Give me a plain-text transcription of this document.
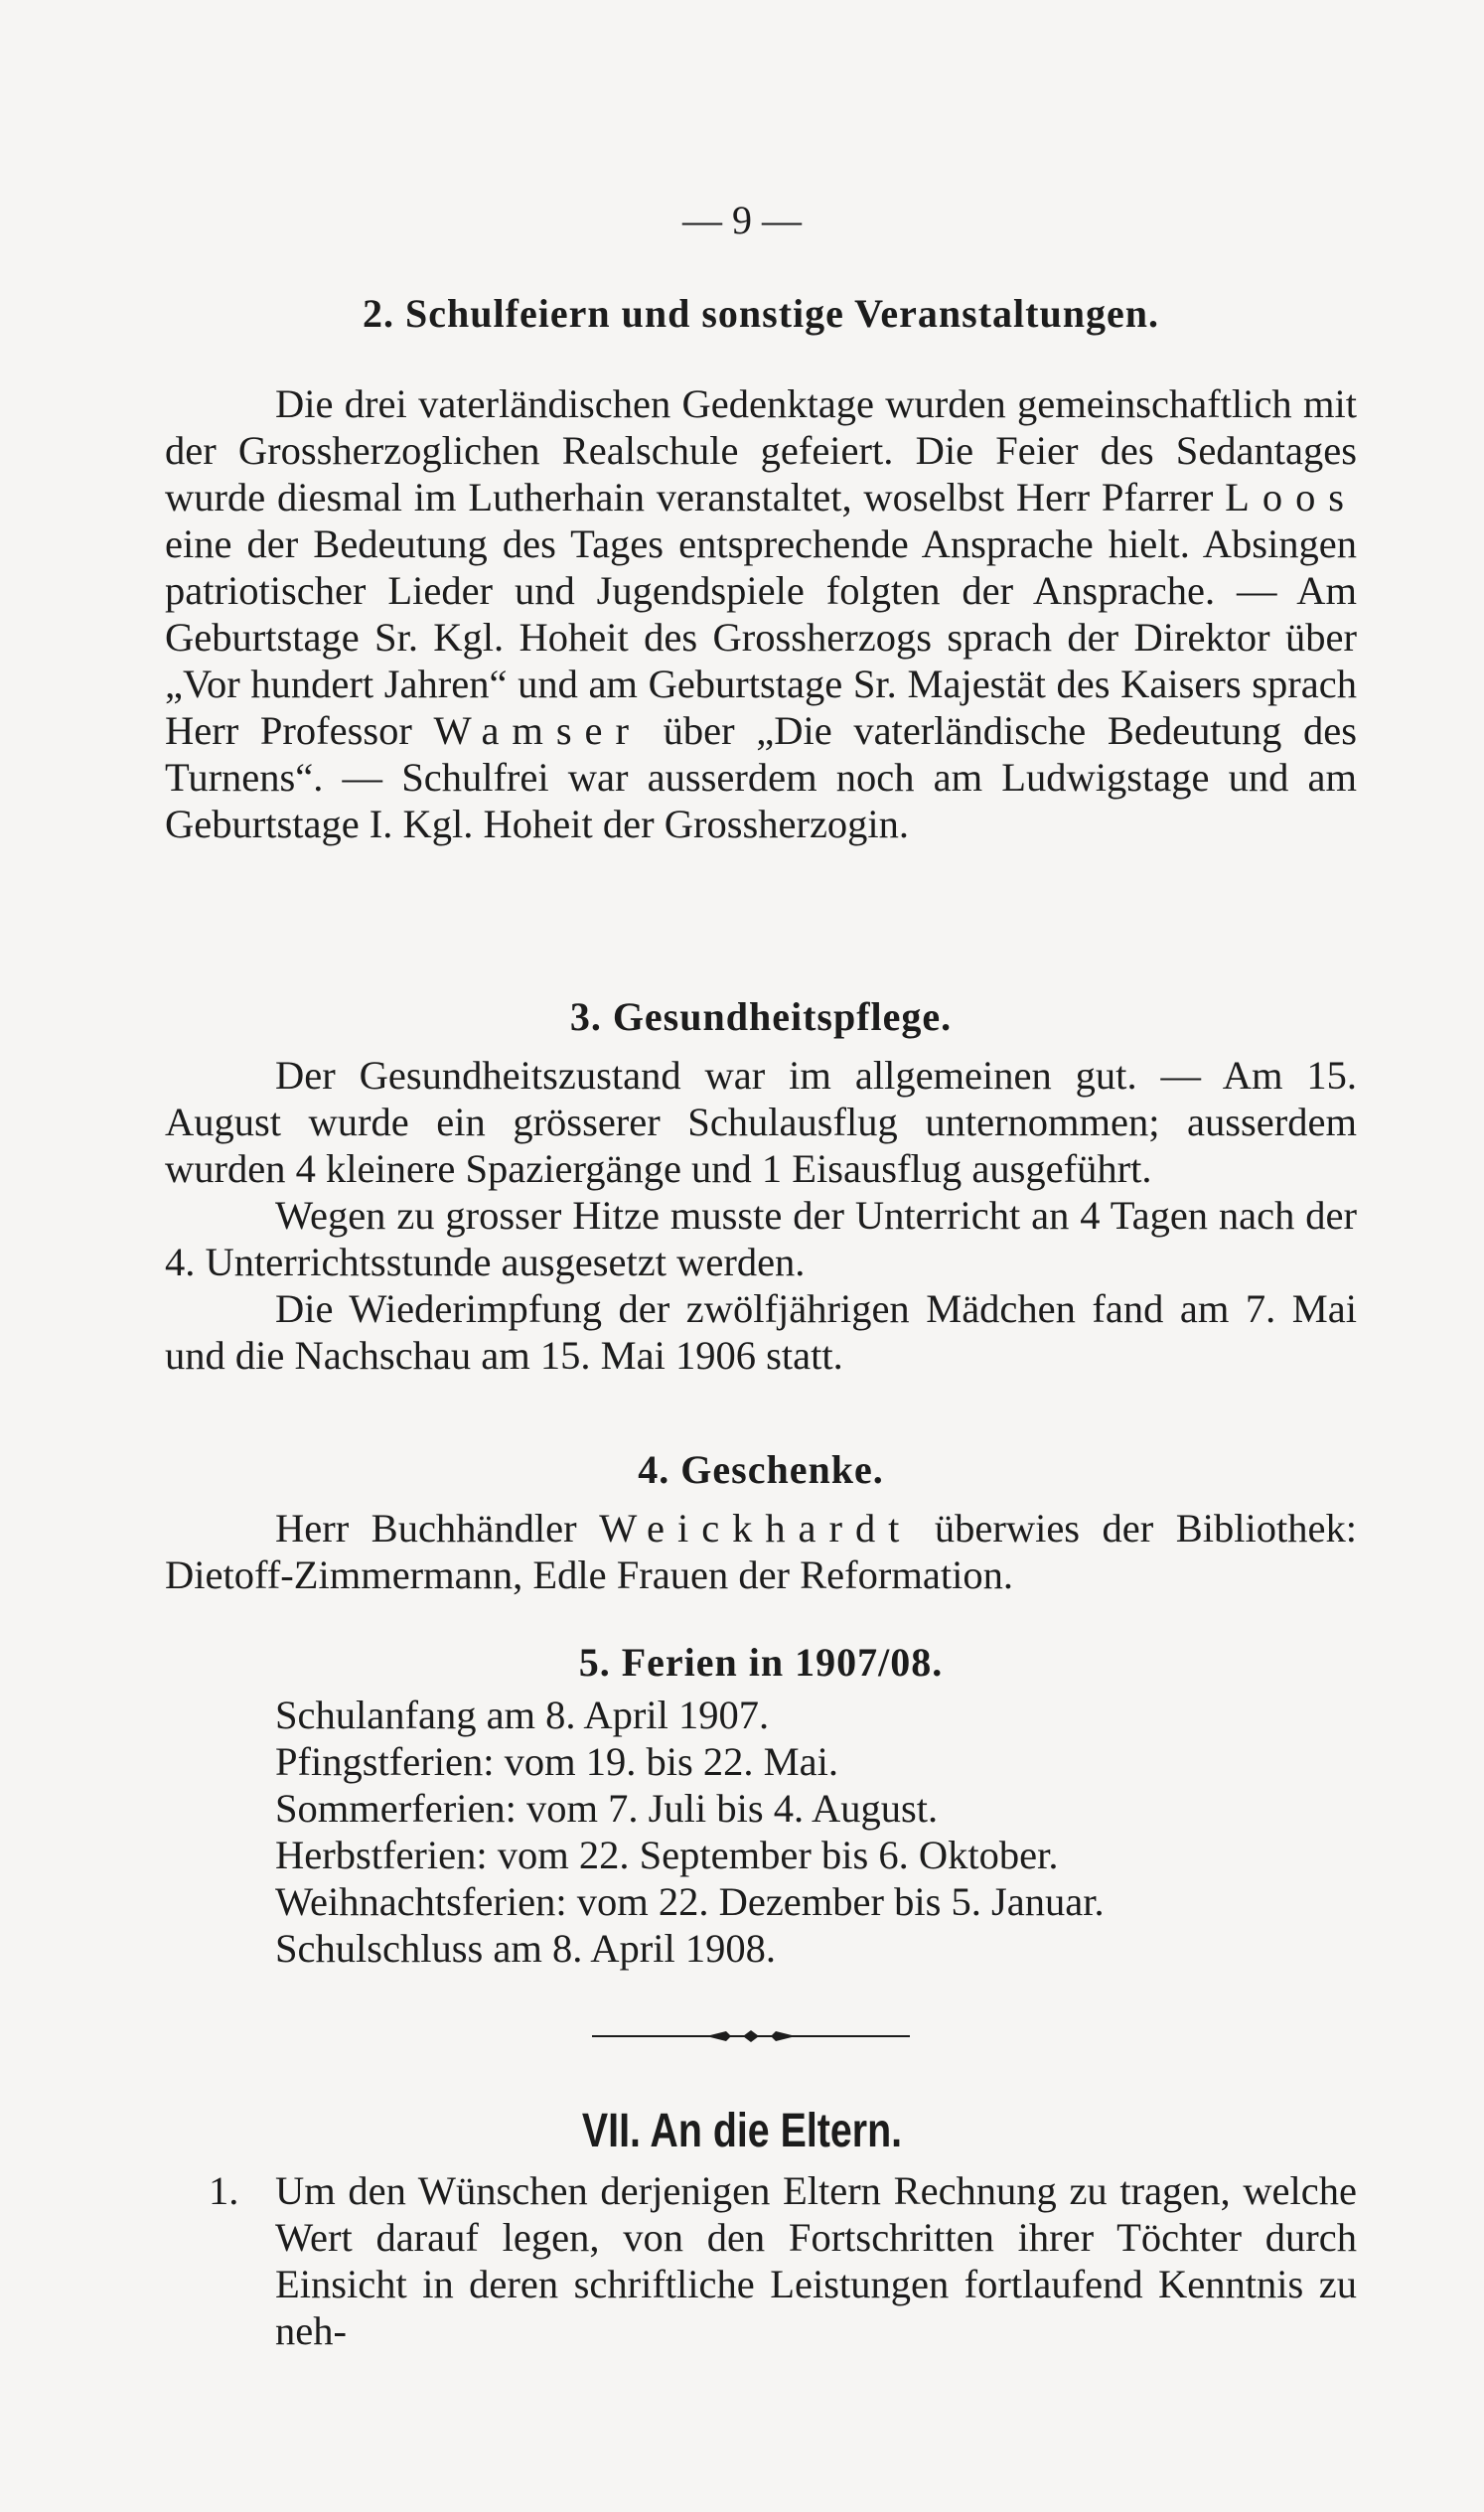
— 9 —
2. Schulfeiern und sonstige Veranstaltungen.

Die drei vaterländischen Gedenktage wurden gemeinschaftlich mit der Grossherzoglichen Realschule gefeiert. Die Feier des Sedantages wurde diesmal im Lutherhain veranstaltet, woselbst Herr Pfarrer Loos eine der Bedeutung des Tages entsprechende Ansprache hielt. Absingen patriotischer Lieder und Jugendspiele folgten der Ansprache. — Am Geburtstage Sr. Kgl. Hoheit des Grossherzogs sprach der Direktor über „Vor hundert Jahren“ und am Geburtstage Sr. Majestät des Kaisers sprach Herr Professor Wamser über „Die vaterländische Bedeutung des Turnens“. — Schulfrei war ausserdem noch am Ludwigstage und am Geburtstage I. Kgl. Hoheit der Grossherzogin.

3. Gesundheitspflege.

Der Gesundheitszustand war im allgemeinen gut. — Am 15. August wurde ein grösserer Schulausflug unternommen; ausserdem wurden 4 kleinere Spaziergänge und 1 Eisausflug ausgeführt.

Wegen zu grosser Hitze musste der Unterricht an 4 Tagen nach der 4. Unterrichtsstunde ausgesetzt werden.

Die Wiederimpfung der zwölfjährigen Mädchen fand am 7. Mai und die Nachschau am 15. Mai 1906 statt.

4. Geschenke.

Herr Buchhändler Weickhardt überwies der Bibliothek: Dietoff-Zimmermann, Edle Frauen der Reformation.

5. Ferien in 1907/08.
Schulanfang am 8. April 1907.
Pfingstferien: vom 19. bis 22. Mai.
Sommerferien: vom 7. Juli bis 4. August.
Herbstferien: vom 22. September bis 6. Oktober.
Weihnachtsferien: vom 22. Dezember bis 5. Januar.
Schulschluss am 8. April 1908.
VII. An die Eltern.
1. Um den Wünschen derjenigen Eltern Rechnung zu tragen, welche Wert darauf legen, von den Fortschritten ihrer Töchter durch Einsicht in deren schriftliche Leistungen fortlaufend Kenntnis zu neh-
